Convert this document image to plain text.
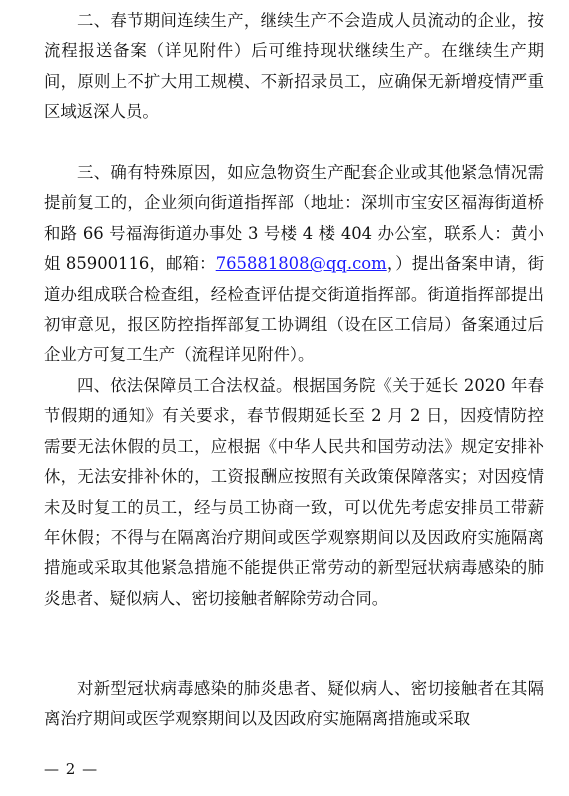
二、春节期间连续生产，继续生产不会造成人员流动的企业，按流程报送备案（详见附件）后可维持现状继续生产。在继续生产期间，原则上不扩大用工规模、不新招录员工，应确保无新增疫情严重区域返深人员。

三、确有特殊原因，如应急物资生产配套企业或其他紧急情况需提前复工的，企业须向街道指挥部（地址：深圳市宝安区福海街道桥和路 66 号福海街道办事处 3 号楼 4 楼 404 办公室，联系人：黄小姐 85900116，邮箱：765881808@qq.com，）提出备案申请，街道办组成联合检查组，经检查评估提交街道指挥部。街道指挥部提出初审意见，报区防控指挥部复工协调组（设在区工信局）备案通过后企业方可复工生产（流程详见附件）。

四、依法保障员工合法权益。根据国务院《关于延长 2020 年春节假期的通知》有关要求，春节假期延长至 2 月 2 日，因疫情防控需要无法休假的员工，应根据《中华人民共和国劳动法》规定安排补休，无法安排补休的，工资报酬应按照有关政策保障落实；对因疫情未及时复工的员工，经与员工协商一致，可以优先考虑安排员工带薪年休假；不得与在隔离治疗期间或医学观察期间以及因政府实施隔离措施或采取其他紧急措施不能提供正常劳动的新型冠状病毒感染的肺炎患者、疑似病人、密切接触者解除劳动合同。

对新型冠状病毒感染的肺炎患者、疑似病人、密切接触者在其隔离治疗期间或医学观察期间以及因政府实施隔离措施或采取

— 2 —
